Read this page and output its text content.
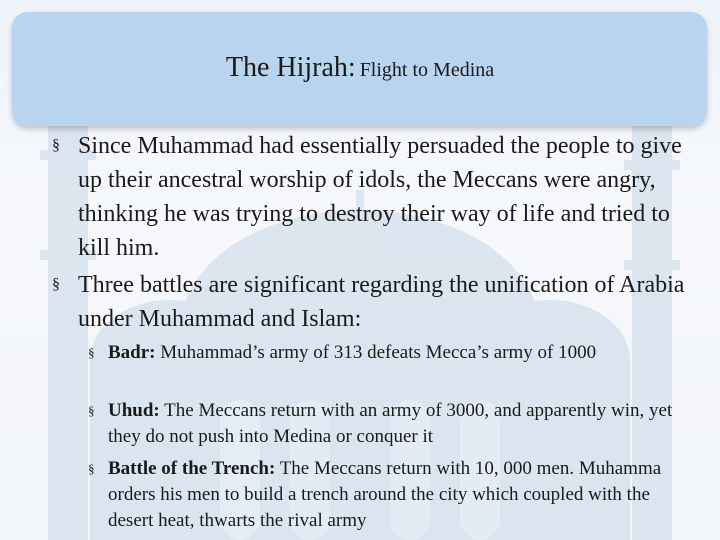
The Hijrah: Flight to Medina
§ Since Muhammad had essentially persuaded the people to give up their ancestral worship of idols, the Meccans were angry, thinking he was trying to destroy their way of life and tried to kill him.
§ Three battles are significant regarding the unification of Arabia under Muhammad and Islam:
§ Badr: Muhammad’s army of 313 defeats Mecca’s army of 1000
§ Uhud: The Meccans return with an army of 3000, and apparently win, yet they do not push into Medina or conquer it
§ Battle of the Trench: The Meccans return with 10, 000 men. Muhamma orders his men to build a trench around the city which coupled with the desert heat, thwarts the rival army
